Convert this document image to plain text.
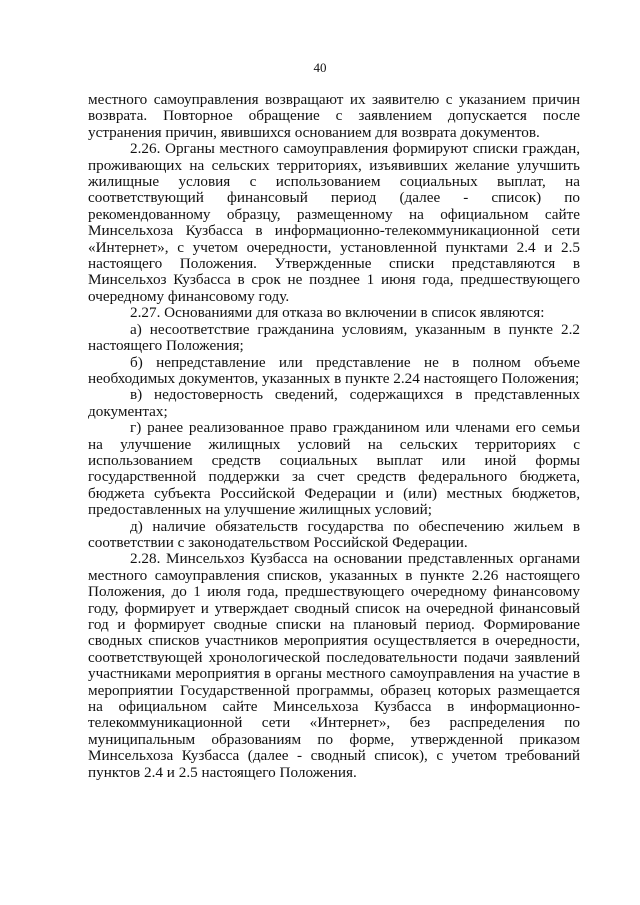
40

местного самоуправления возвращают их заявителю с указанием причин возврата. Повторное обращение с заявлением допускается после устранения причин, явившихся основанием для возврата документов.

2.26. Органы местного самоуправления формируют списки граждан, проживающих на сельских территориях, изъявивших желание улучшить жилищные условия с использованием социальных выплат, на соответствующий финансовый период (далее - список) по рекомендованному образцу, размещенному на официальном сайте Минсельхоза Кузбасса в информационно-телекоммуникационной сети «Интернет», с учетом очередности, установленной пунктами 2.4 и 2.5 настоящего Положения. Утвержденные списки представляются в Минсельхоз Кузбасса в срок не позднее 1 июня года, предшествующего очередному финансовому году.

2.27. Основаниями для отказа во включении в список являются:

а) несоответствие гражданина условиям, указанным в пункте 2.2 настоящего Положения;

б) непредставление или представление не в полном объеме необходимых документов, указанных в пункте 2.24 настоящего Положения;

в) недостоверность сведений, содержащихся в представленных документах;

г) ранее реализованное право гражданином или членами его семьи на улучшение жилищных условий на сельских территориях с использованием средств социальных выплат или иной формы государственной поддержки за счет средств федерального бюджета, бюджета субъекта Российской Федерации и (или) местных бюджетов, предоставленных на улучшение жилищных условий;

д) наличие обязательств государства по обеспечению жильем в соответствии с законодательством Российской Федерации.

2.28. Минсельхоз Кузбасса на основании представленных органами местного самоуправления списков, указанных в пункте 2.26 настоящего Положения, до 1 июля года, предшествующего очередному финансовому году, формирует и утверждает сводный список на очередной финансовый год и формирует сводные списки на плановый период. Формирование сводных списков участников мероприятия осуществляется в очередности, соответствующей хронологической последовательности подачи заявлений участниками мероприятия в органы местного самоуправления на участие в мероприятии Государственной программы, образец которых размещается на официальном сайте Минсельхоза Кузбасса в информационно-телекоммуникационной сети «Интернет», без распределения по муниципальным образованиям по форме, утвержденной приказом Минсельхоза Кузбасса (далее - сводный список), с учетом требований пунктов 2.4 и 2.5 настоящего Положения.
